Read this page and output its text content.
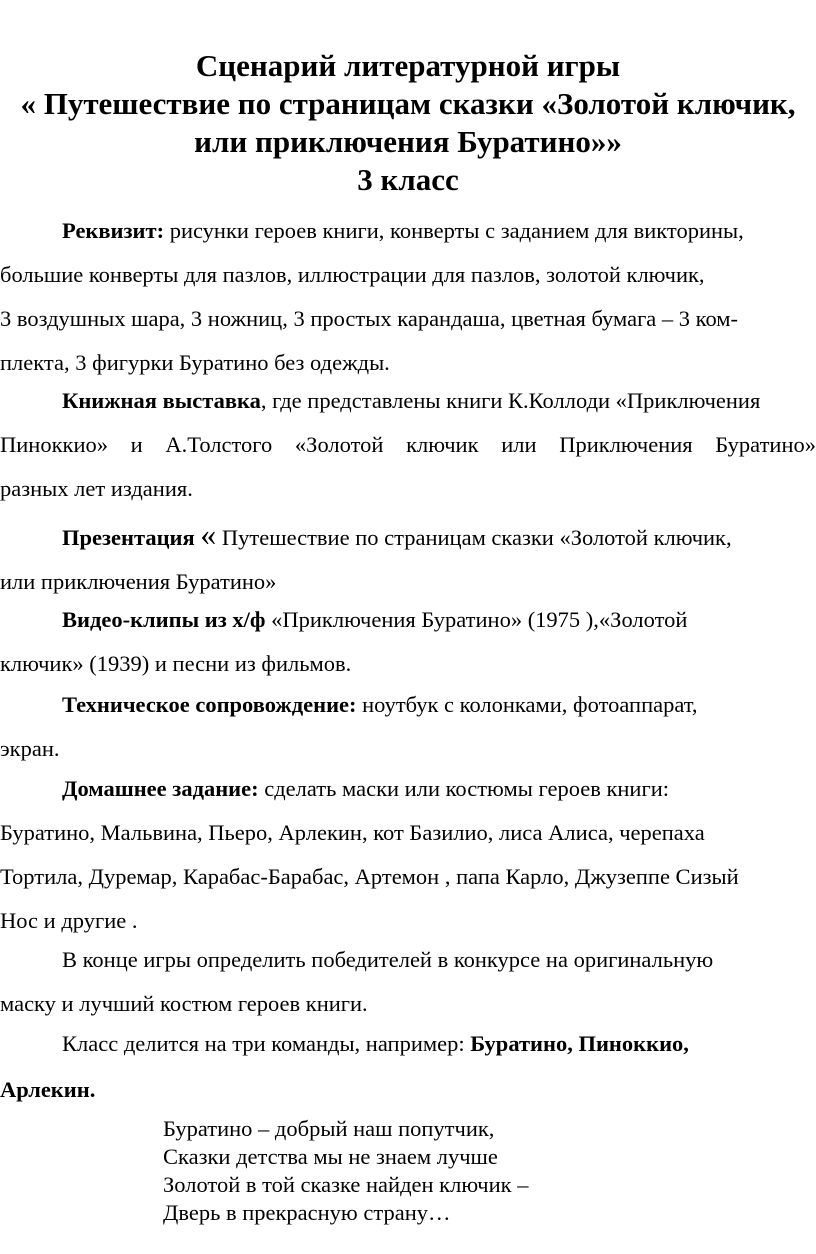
Сценарий литературной игры
« Путешествие по страницам сказки «Золотой ключик,
или приключения Буратино»»
3 класс
Реквизит: рисунки героев книги, конверты с заданием для викторины,
большие конверты для пазлов, иллюстрации для пазлов, золотой ключик,
3 воздушных шара, 3 ножниц, 3 простых карандаша, цветная бумага – 3 ком-
плекта, 3 фигурки Буратино без одежды.
Книжная выставка, где представлены книги К.Коллоди «Приключения
Пиноккио» и А.Толстого «Золотой ключик или Приключения Буратино»
разных лет издания.
Презентация « Путешествие по страницам сказки «Золотой ключик,
или приключения Буратино»
Видео-клипы из х/ф «Приключения Буратино» (1975 ),«Золотой
ключик» (1939) и песни из фильмов.
Техническое сопровождение: ноутбук с колонками, фотоаппарат,
экран.
Домашнее задание: сделать маски или костюмы героев книги:
Буратино, Мальвина, Пьеро, Арлекин, кот Базилио, лиса Алиса, черепаха
Тортила, Дуремар, Карабас-Барабас, Артемон , папа Карло, Джузеппе Сизый
Нос и другие .
В конце игры определить победителей в конкурсе на оригинальную
маску и лучший костюм героев книги.
Класс делится на три команды, например: Буратино, Пиноккио,
Арлекин.
Буратино – добрый наш попутчик,
Сказки детства мы не знаем лучше
Золотой в той сказке найден ключик –
Дверь в прекрасную страну…
